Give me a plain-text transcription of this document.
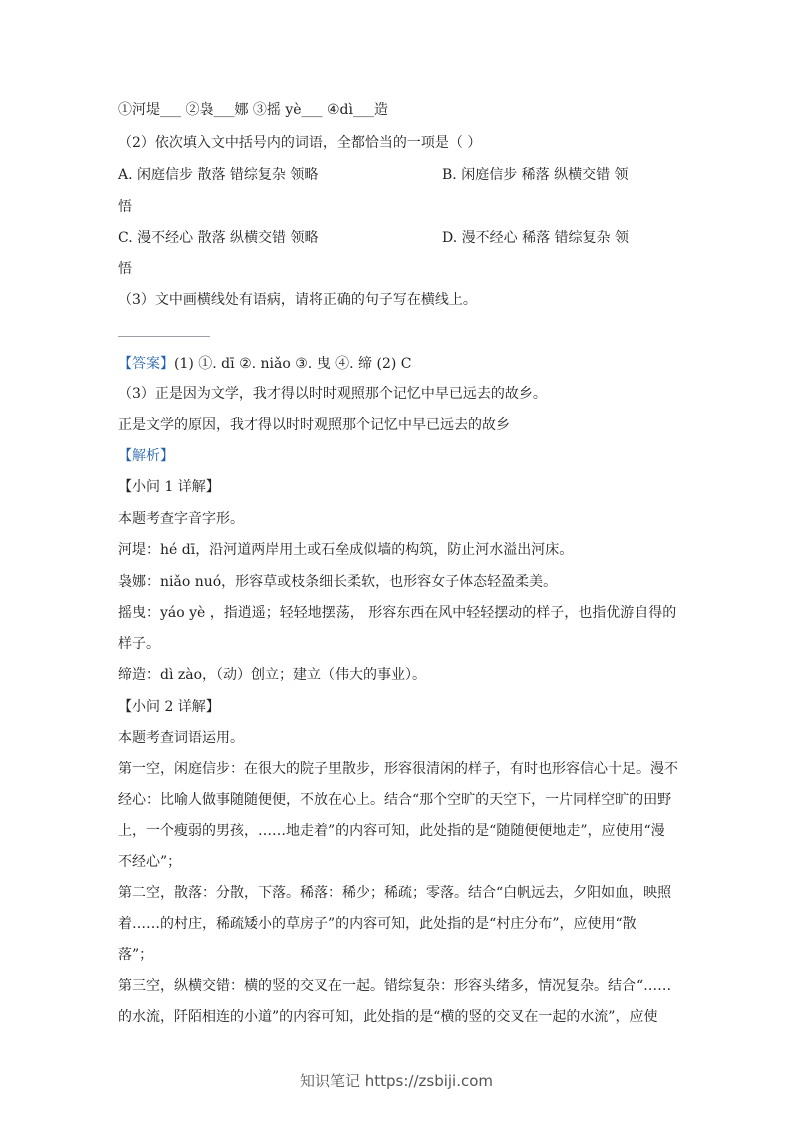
①河堤___ ②袅___娜 ③摇 yè___ ④dì___造
（2）依次填入文中括号内的词语，全都恰当的一项是（ ）
A. 闲庭信步 散落 错综复杂 领略	B. 闲庭信步 稀落 纵横交错 领
悟
C. 漫不经心 散落 纵横交错 领略	D. 漫不经心 稀落 错综复杂 领
悟
（3）文中画横线处有语病，请将正确的句子写在横线上。
【答案】(1) ①. dī ②. niǎo ③. 曳 ④. 缔 (2) C
（3）正是因为文学，我才得以时时观照那个记忆中早已远去的故乡。
正是文学的原因，我才得以时时观照那个记忆中早已远去的故乡
【解析】
【小问 1 详解】
本题考查字音字形。
河堤：hé dī，沿河道两岸用土或石垒成似墙的构筑，防止河水溢出河床。
袅娜：niǎo nuó，形容草或枝条细长柔软，也形容女子体态轻盈柔美。
摇曳：yáo yè ，指逍遥；轻轻地摆荡， 形容东西在风中轻轻摆动的样子，也指优游自得的
样子。
缔造：dì zào，（动）创立；建立（伟大的事业）。
【小问 2 详解】
本题考查词语运用。
第一空，闲庭信步：在很大的院子里散步，形容很清闲的样子，有时也形容信心十足。漫不
经心：比喻人做事随随便便，不放在心上。结合“那个空旷的天空下，一片同样空旷的田野
上，一个瘦弱的男孩，……地走着”的内容可知，此处指的是“随随便便地走”，应使用“漫
不经心”；
第二空，散落：分散，下落。稀落：稀少；稀疏；零落。结合“白帆远去，夕阳如血，映照
着……的村庄，稀疏矮小的草房子”的内容可知，此处指的是“村庄分布”，应使用“散
落”；
第三空，纵横交错：横的竖的交叉在一起。错综复杂：形容头绪多，情况复杂。结合“……
的水流，阡陌相连的小道”的内容可知，此处指的是“横的竖的交叉在一起的水流”，应使
知识笔记 https://zsbiji.com
